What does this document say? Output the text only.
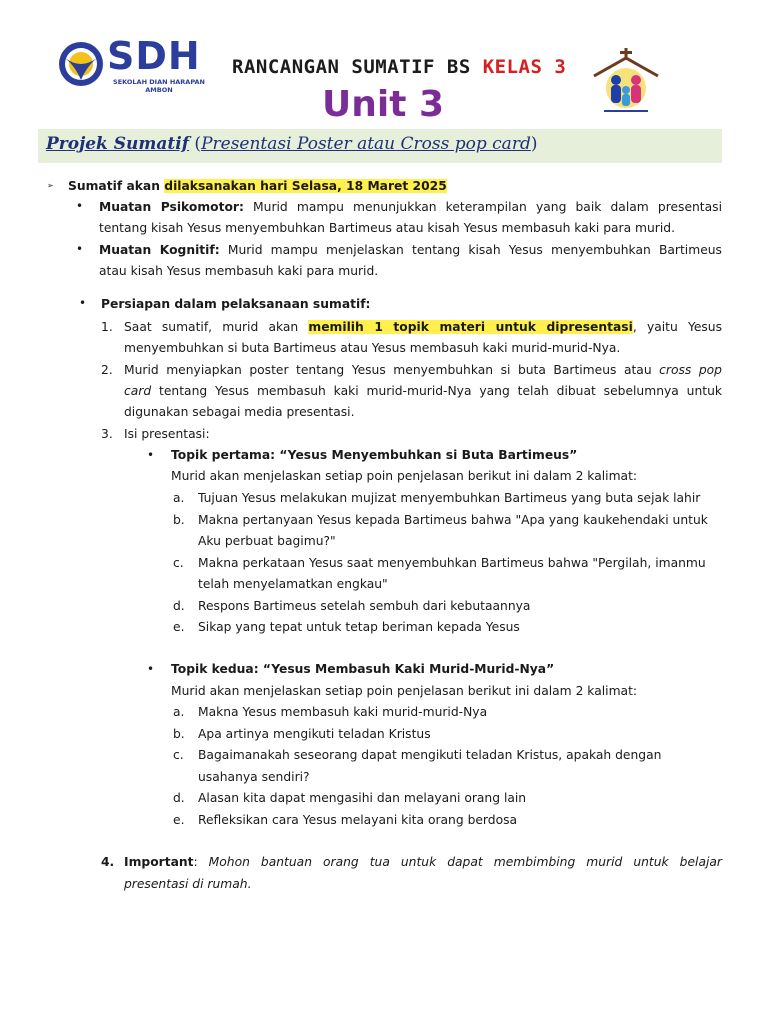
SDH
SEKOLAH DIAN HARAPAN
AMBON
RANCANGAN SUMATIF BS KELAS 3
Unit 3
Projek Sumatif (Presentasi Poster atau Cross pop card)
➢ Sumatif akan dilaksanakan hari Selasa, 18 Maret 2025
• Muatan Psikomotor: Murid mampu menunjukkan keterampilan yang baik dalam presentasi
tentang kisah Yesus menyembuhkan Bartimeus atau kisah Yesus membasuh kaki para murid.
• Muatan Kognitif: Murid mampu menjelaskan tentang kisah Yesus menyembuhkan Bartimeus
atau kisah Yesus membasuh kaki para murid.
• Persiapan dalam pelaksanaan sumatif:
1. Saat sumatif, murid akan memilih 1 topik materi untuk dipresentasi, yaitu Yesus
menyembuhkan si buta Bartimeus atau Yesus membasuh kaki murid-murid-Nya.
2. Murid menyiapkan poster tentang Yesus menyembuhkan si buta Bartimeus atau cross pop
card tentang Yesus membasuh kaki murid-murid-Nya yang telah dibuat sebelumnya untuk
digunakan sebagai media presentasi.
3. Isi presentasi:
• Topik pertama: “Yesus Menyembuhkan si Buta Bartimeus”
Murid akan menjelaskan setiap poin penjelasan berikut ini dalam 2 kalimat:
a. Tujuan Yesus melakukan mujizat menyembuhkan Bartimeus yang buta sejak lahir
b. Makna pertanyaan Yesus kepada Bartimeus bahwa "Apa yang kaukehendaki untuk
Aku perbuat bagimu?"
c. Makna perkataan Yesus saat menyembuhkan Bartimeus bahwa "Pergilah, imanmu
telah menyelamatkan engkau"
d. Respons Bartimeus setelah sembuh dari kebutaannya
e. Sikap yang tepat untuk tetap beriman kepada Yesus
• Topik kedua: “Yesus Membasuh Kaki Murid-Murid-Nya”
Murid akan menjelaskan setiap poin penjelasan berikut ini dalam 2 kalimat:
a. Makna Yesus membasuh kaki murid-murid-Nya
b. Apa artinya mengikuti teladan Kristus
c. Bagaimanakah seseorang dapat mengikuti teladan Kristus, apakah dengan
usahanya sendiri?
d. Alasan kita dapat mengasihi dan melayani orang lain
e. Refleksikan cara Yesus melayani kita orang berdosa
4. Important: Mohon bantuan orang tua untuk dapat membimbing murid untuk belajar
presentasi di rumah.
